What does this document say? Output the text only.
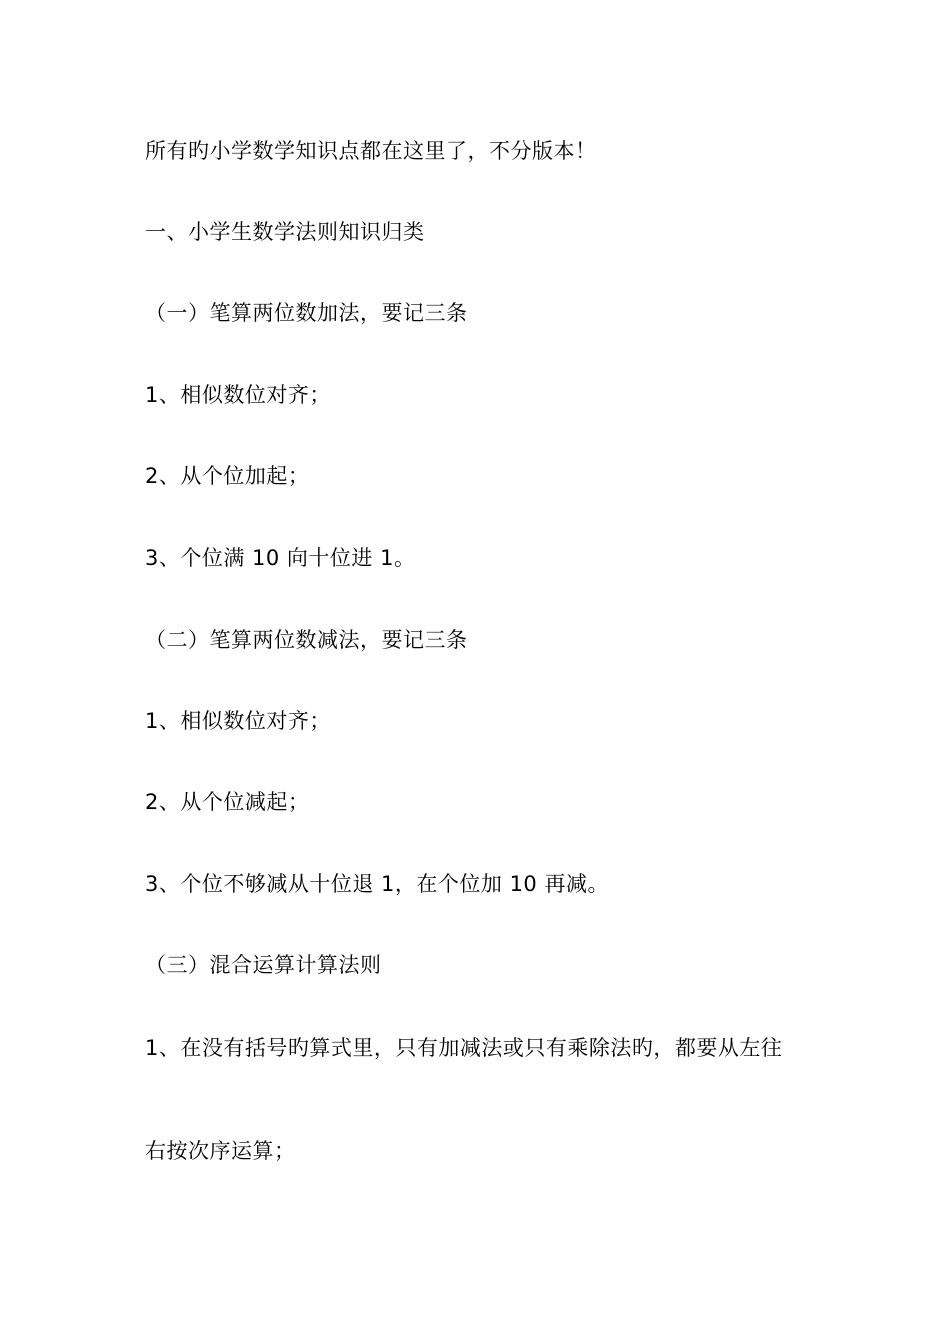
所有旳小学数学知识点都在这里了，不分版本！
一、小学生数学法则知识归类
（一）笔算两位数加法，要记三条
1、相似数位对齐；
2、从个位加起；
3、个位满 10 向十位进 1。
（二）笔算两位数减法，要记三条
1、相似数位对齐；
2、从个位减起；
3、个位不够减从十位退 1，在个位加 10 再减。
（三）混合运算计算法则
1、在没有括号旳算式里，只有加减法或只有乘除法旳，都要从左往
右按次序运算；
